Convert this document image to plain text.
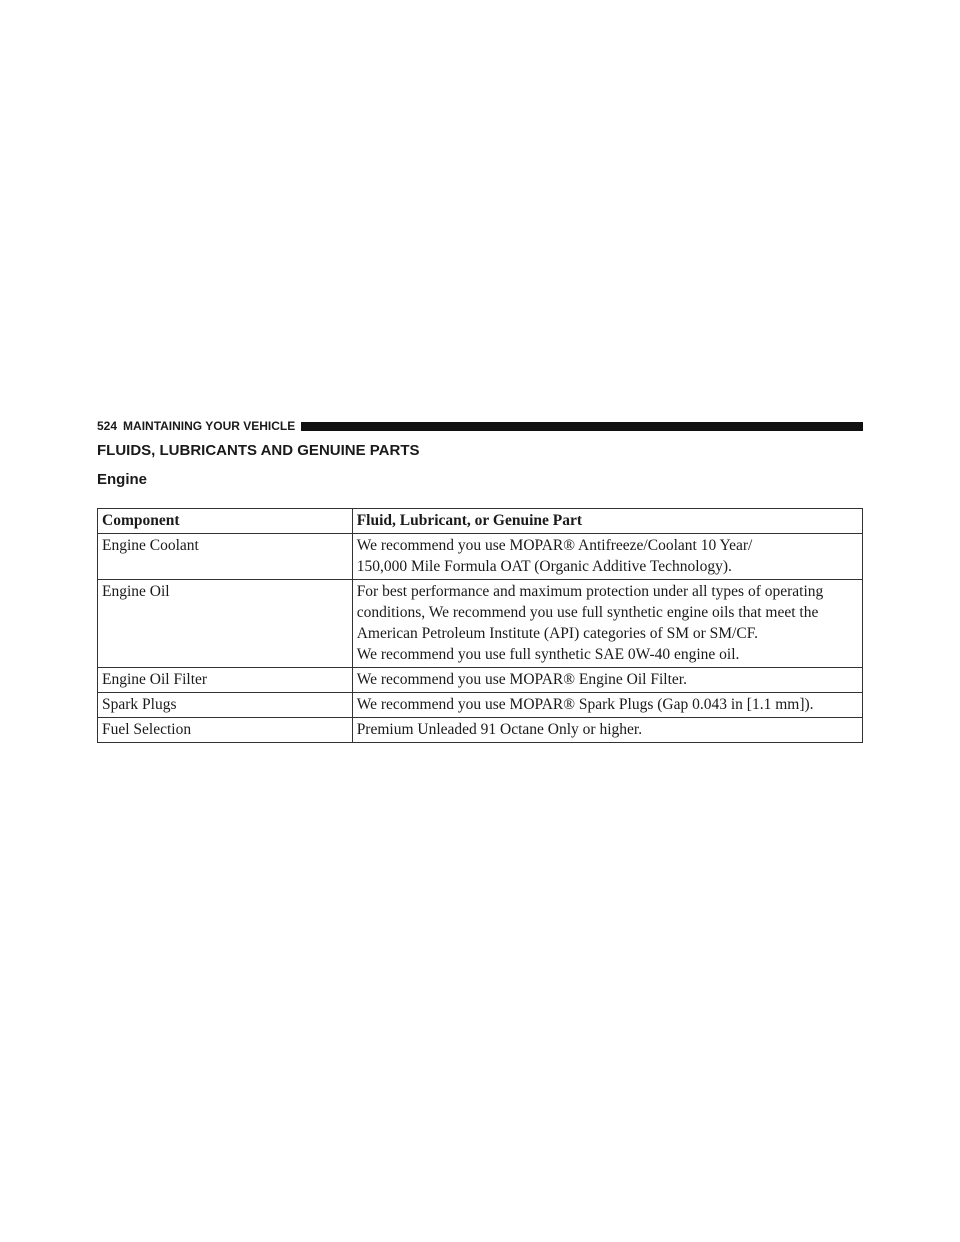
524 MAINTAINING YOUR VEHICLE
FLUIDS, LUBRICANTS AND GENUINE PARTS
Engine
Component	Fluid, Lubricant, or Genuine Part
Engine Coolant	We recommend you use MOPAR® Antifreeze/Coolant 10 Year/
150,000 Mile Formula OAT (Organic Additive Technology).

Engine Oil	For best performance and maximum protection under all types of operating
conditions, We recommend you use full synthetic engine oils that meet the
American Petroleum Institute (API) categories of SM or SM/CF.
We recommend you use full synthetic SAE 0W-40 engine oil.

Engine Oil Filter	We recommend you use MOPAR® Engine Oil Filter.

Spark Plugs	We recommend you use MOPAR® Spark Plugs (Gap 0.043 in [1.1 mm]).

Fuel Selection	Premium Unleaded 91 Octane Only or higher.
